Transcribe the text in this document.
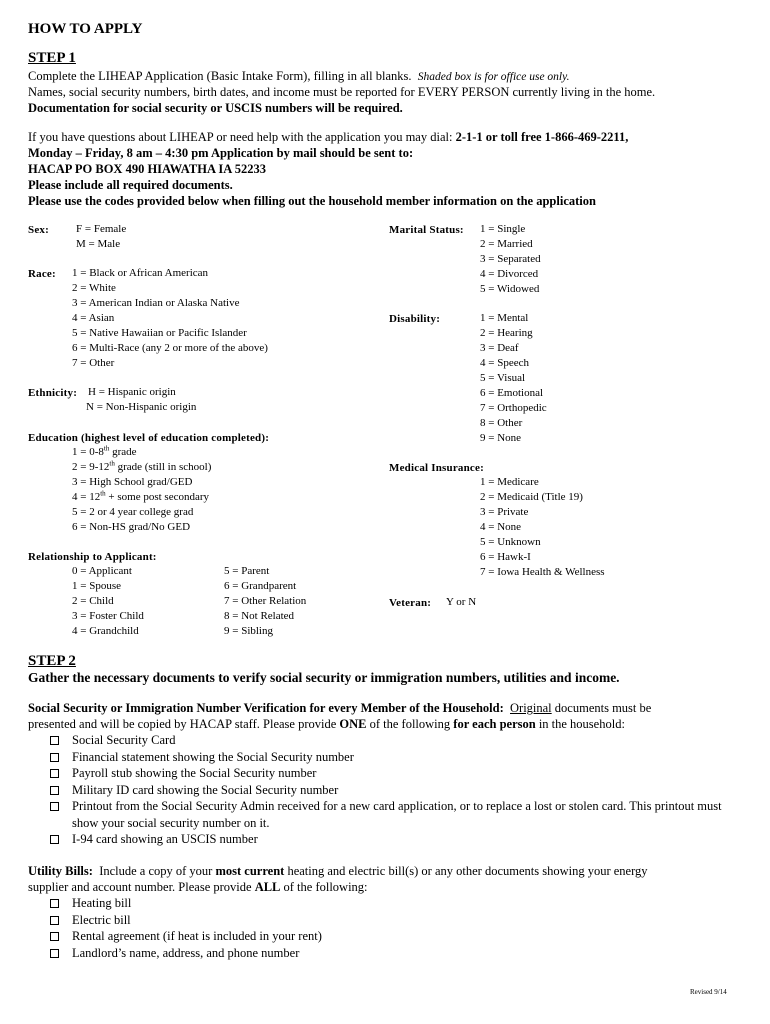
HOW TO APPLY
STEP 1
Complete the LIHEAP Application (Basic Intake Form), filling in all blanks. Shaded box is for office use only.
Names, social security numbers, birth dates, and income must be reported for EVERY PERSON currently living in the home.
Documentation for social security or USCIS numbers will be required.
If you have questions about LIHEAP or need help with the application you may dial: 2-1-1 or toll free 1-866-469-2211,
Monday – Friday, 8 am – 4:30 pm Application by mail should be sent to:
HACAP PO BOX 490 HIAWATHA IA 52233
Please include all required documents.
Please use the codes provided below when filling out the household member information on the application
Sex: F = Female
M = Male
Race: 1 = Black or African American
2 = White
3 = American Indian or Alaska Native
4 = Asian
5 = Native Hawaiian or Pacific Islander
6 = Multi-Race (any 2 or more of the above)
7 = Other
Ethnicity: H = Hispanic origin
N = Non-Hispanic origin
Education (highest level of education completed):
1 = 0-8th grade
2 = 9-12th grade (still in school)
3 = High School grad/GED
4 = 12th + some post secondary
5 = 2 or 4 year college grad
6 = Non-HS grad/No GED
Relationship to Applicant:
0 = Applicant
1 = Spouse
2 = Child
3 = Foster Child
4 = Grandchild
5 = Parent
6 = Grandparent
7 = Other Relation
8 = Not Related
9 = Sibling
Marital Status: 1 = Single
2 = Married
3 = Separated
4 = Divorced
5 = Widowed
Disability:	1 = Mental
2 = Hearing
3 = Deaf
4 = Speech
5 = Visual
6 = Emotional
7 = Orthopedic
8 = Other
9 = None
Medical Insurance:
1 = Medicare
2 = Medicaid (Title 19)
3 = Private
4 = None
5 = Unknown
6 = Hawk-I
7 = Iowa Health & Wellness
Veteran: Y or N
STEP 2
Gather the necessary documents to verify social security or immigration numbers, utilities and income.
Social Security or Immigration Number Verification for every Member of the Household: Original documents must be
presented and will be copied by HACAP staff. Please provide ONE of the following for each person in the household:
Social Security Card
Financial statement showing the Social Security number
Payroll stub showing the Social Security number
Military ID card showing the Social Security number
Printout from the Social Security Admin received for a new card application, or to replace a lost or stolen card. This printout must show your social security number on it.
I-94 card showing an USCIS number
Utility Bills: Include a copy of your most current heating and electric bill(s) or any other documents showing your energy
supplier and account number. Please provide ALL of the following:
Heating bill
Electric bill
Rental agreement (if heat is included in your rent)
Landlord’s name, address, and phone number
Revised 9/14
